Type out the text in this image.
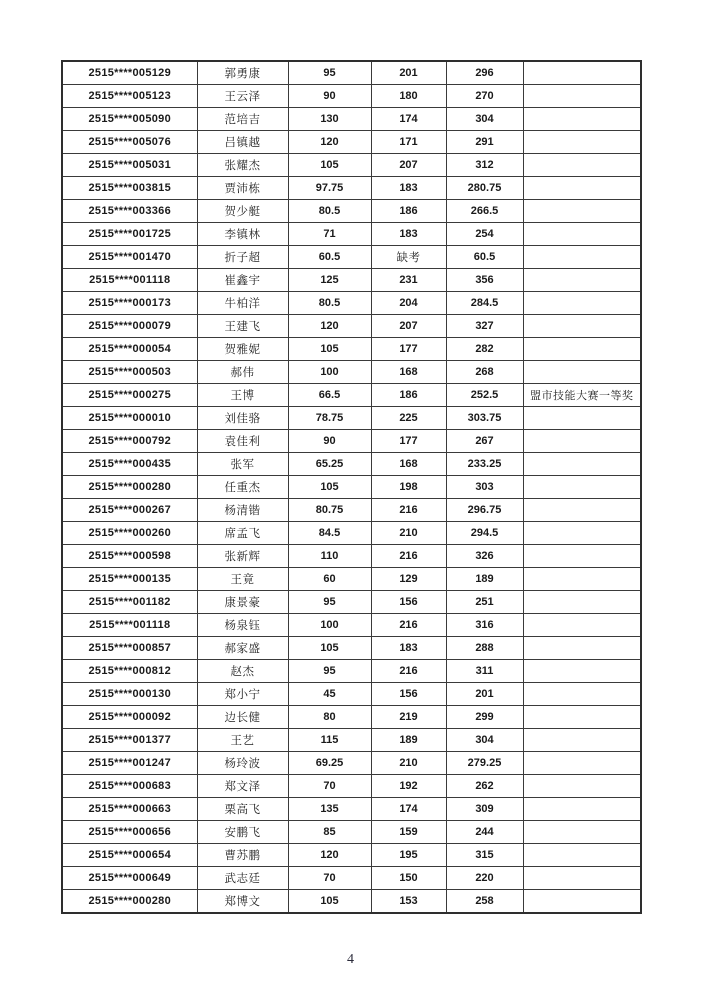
2515****005129	郭勇康	95	201	296	
2515****005123	王云泽	90	180	270	
2515****005090	范培吉	130	174	304	
2515****005076	吕镇越	120	171	291	
2515****005031	张耀杰	105	207	312	
2515****003815	贾沛栋	97.75	183	280.75	
2515****003366	贺少艇	80.5	186	266.5	
2515****001725	李镇林	71	183	254	
2515****001470	折子超	60.5	缺考	60.5	
2515****001118	崔鑫宇	125	231	356	
2515****000173	牛柏洋	80.5	204	284.5	
2515****000079	王建飞	120	207	327	
2515****000054	贺雅妮	105	177	282	
2515****000503	郝伟	100	168	268	
2515****000275	王博	66.5	186	252.5	盟市技能大赛一等奖
2515****000010	刘佳骆	78.75	225	303.75	
2515****000792	袁佳利	90	177	267	
2515****000435	张军	65.25	168	233.25	
2515****000280	任重杰	105	198	303	
2515****000267	杨清锴	80.75	216	296.75	
2515****000260	席孟飞	84.5	210	294.5	
2515****000598	张新辉	110	216	326	
2515****000135	王竟	60	129	189	
2515****001182	康景豪	95	156	251	
2515****001118	杨泉钰	100	216	316	
2515****000857	郝家盛	105	183	288	
2515****000812	赵杰	95	216	311	
2515****000130	郑小宁	45	156	201	
2515****000092	边长健	80	219	299	
2515****001377	王艺	115	189	304	
2515****001247	杨玲波	69.25	210	279.25	
2515****000683	郑文泽	70	192	262	
2515****000663	栗高飞	135	174	309	
2515****000656	安鹏飞	85	159	244	
2515****000654	曹苏鹏	120	195	315	
2515****000649	武志廷	70	150	220	
2515****000280	郑博文	105	153	258	
4
